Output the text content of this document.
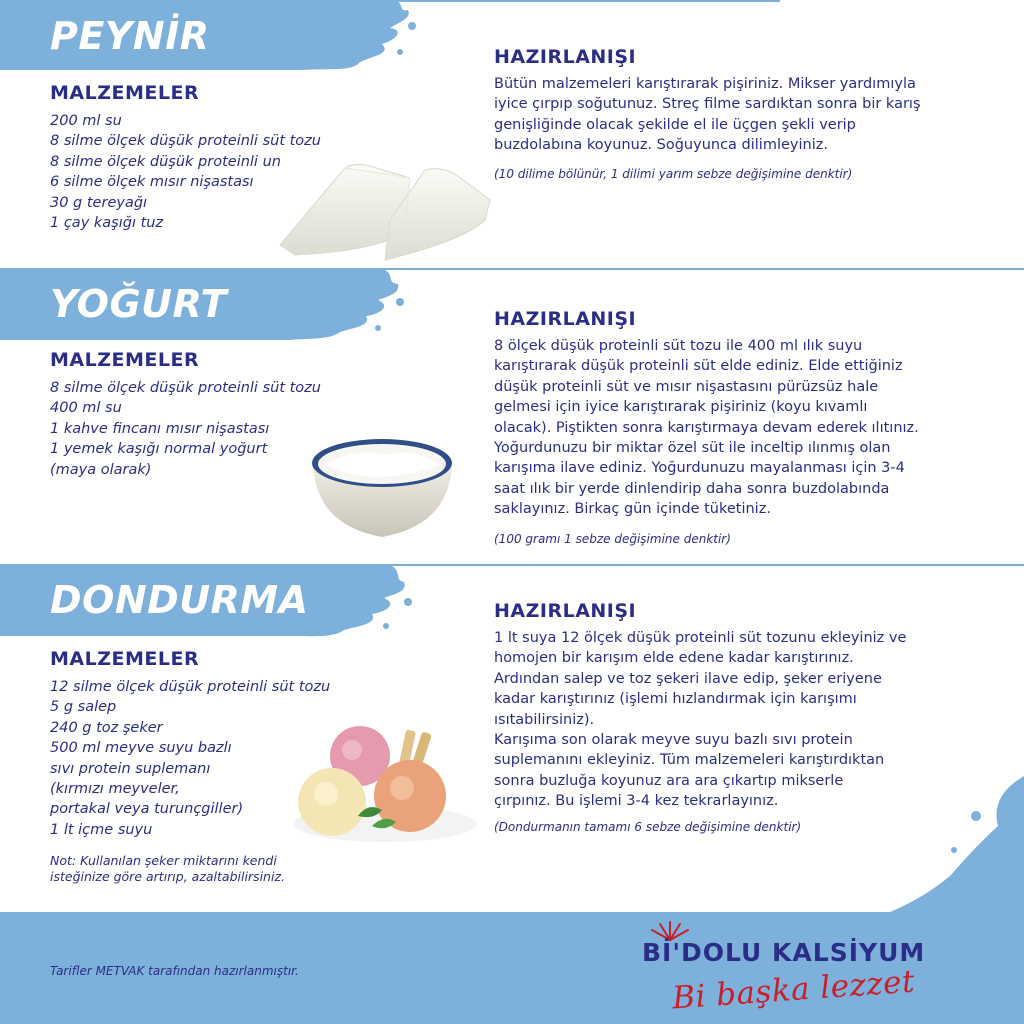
PEYNİR
MALZEMELER
200 ml su
8 silme ölçek düşük proteinli süt tozu
8 silme ölçek düşük proteinli un
6 silme ölçek mısır nişastası
30 g tereyağı
1 çay kaşığı tuz
HAZIRLANIŞI
Bütün malzemeleri karıştırarak pişiriniz. Mikser yardımıyla
iyice çırpıp soğutunuz. Streç filme sardıktan sonra bir karış
genişliğinde olacak şekilde el ile üçgen şekli verip
buzdolabına koyunuz. Soğuyunca dilimleyiniz.

(10 dilime bölünür, 1 dilimi yarım sebze değişimine denktir)

YOĞURT
MALZEMELER
8 silme ölçek düşük proteinli süt tozu
400 ml su
1 kahve fincanı mısır nişastası
1 yemek kaşığı normal yoğurt
(maya olarak)
HAZIRLANIŞI
8 ölçek düşük proteinli süt tozu ile 400 ml ılık suyu
karıştırarak düşük proteinli süt elde ediniz. Elde ettiğiniz
düşük proteinli süt ve mısır nişastasını pürüzsüz hale
gelmesi için iyice karıştırarak pişiriniz (koyu kıvamlı
olacak). Piştikten sonra karıştırmaya devam ederek ılıtınız.
Yoğurdunuzu bir miktar özel süt ile inceltip ılınmış olan
karışıma ilave ediniz. Yoğurdunuzu mayalanması için 3-4
saat ılık bir yerde dinlendirip daha sonra buzdolabında
saklayınız. Birkaç gün içinde tüketiniz.

(100 gramı 1 sebze değişimine denktir)

DONDURMA
MALZEMELER
12 silme ölçek düşük proteinli süt tozu
5 g salep
240 g toz şeker
500 ml meyve suyu bazlı
sıvı protein suplemanı
(kırmızı meyveler,
portakal veya turunçgiller)
1 lt içme suyu
Not: Kullanılan şeker miktarını kendi
isteğinize göre artırıp, azaltabilirsiniz.
HAZIRLANIŞI
1 lt suya 12 ölçek düşük proteinli süt tozunu ekleyiniz ve
homojen bir karışım elde edene kadar karıştırınız.
Ardından salep ve toz şekeri ilave edip, şeker eriyene
kadar karıştırınız (işlemi hızlandırmak için karışımı
ısıtabilirsiniz).
Karışıma son olarak meyve suyu bazlı sıvı protein
suplemanını ekleyiniz. Tüm malzemeleri karıştırdıktan
sonra buzluğa koyunuz ara ara çıkartıp mikserle
çırpınız. Bu işlemi 3-4 kez tekrarlayınız.

(Dondurmanın tamamı 6 sebze değişimine denktir)

Tarifler METVAK tarafından hazırlanmıştır.

Bİ'DOLU KALSİYUM

Bi başka lezzet
